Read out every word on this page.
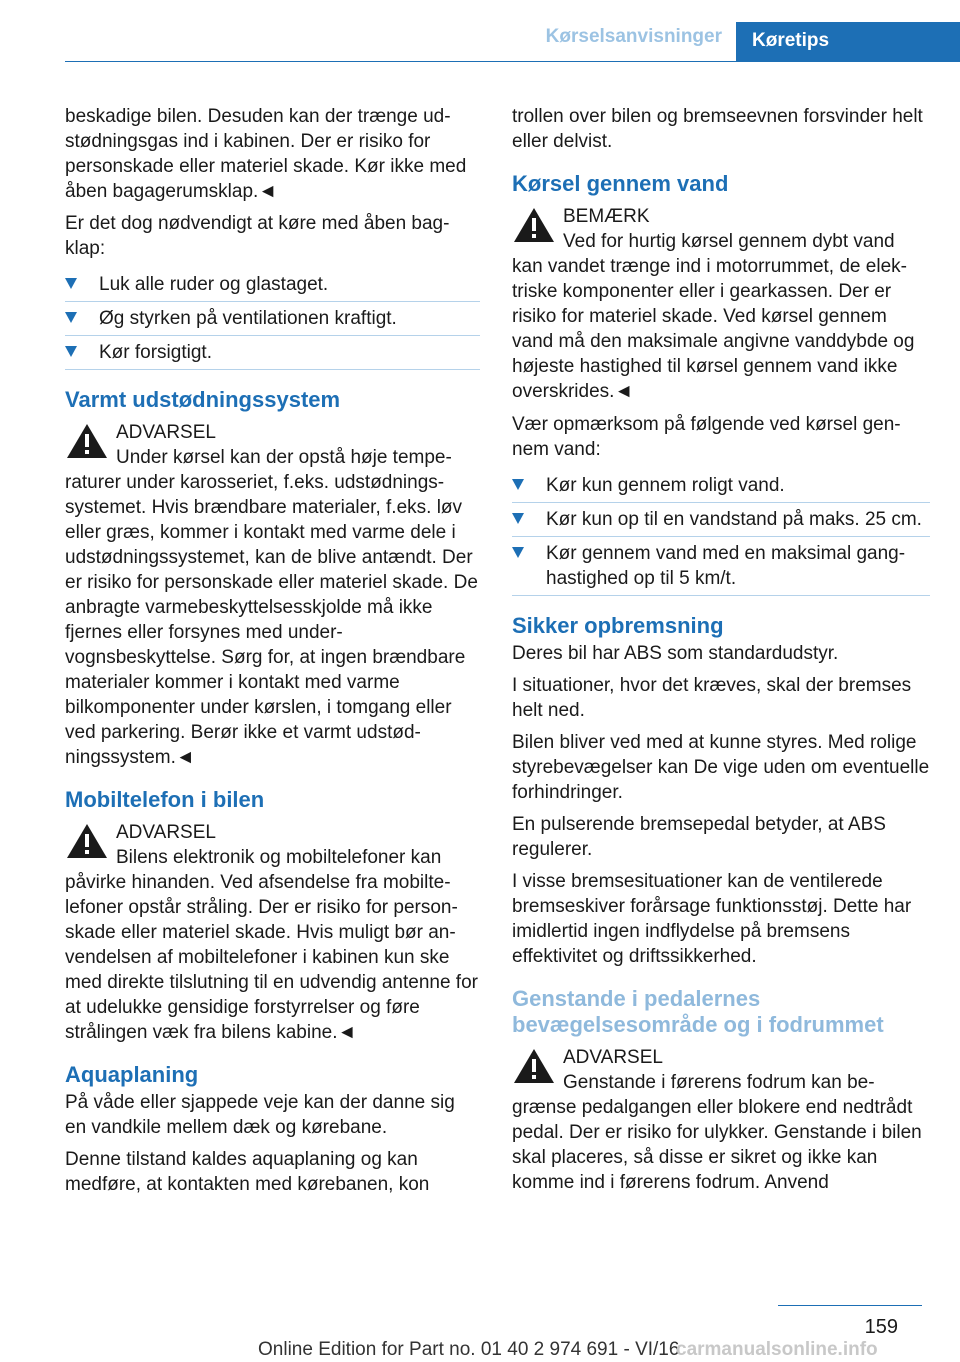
Kørselsanvisninger	Køretips

beskadige bilen. Desuden kan der trænge udstødningsgas ind i kabinen. Der er risiko for personskade eller materiel skade. Kør ikke med åben bagagerumsklap.◄

Er det dog nødvendigt at køre med åben bagklap:

Luk alle ruder og glastaget.
Øg styrken på ventilationen kraftigt.
Kør forsigtigt.
Varmt udstødningssystem
ADVARSEL
Under kørsel kan der opstå høje temperaturer under karosseriet, f.eks. udstødningssystemet. Hvis brændbare materialer, f.eks. løv eller græs, kommer i kontakt med varme dele i udstødningssystemet, kan de blive antændt. Der er risiko for personskade eller materiel skade. De anbragte varmebeskyttelsesskjolde må ikke fjernes eller forsynes med undervognsbeskyttelse. Sørg for, at ingen brændbare materialer kommer i kontakt med varme bilkomponenter under kørslen, i tomgang eller ved parkering. Berør ikke et varmt udstødningssystem.◄
Mobiltelefon i bilen
ADVARSEL
Bilens elektronik og mobiltelefoner kan påvirke hinanden. Ved afsendelse fra mobiltelefoner opstår stråling. Der er risiko for personskade eller materiel skade. Hvis muligt bør anvendelsen af mobiltelefoner i kabinen kun ske med direkte tilslutning til en udvendig antenne for at udelukke gensidige forstyrrelser og føre strålingen væk fra bilens kabine.◄
Aquaplaning

På våde eller sjappede veje kan der danne sig en vandkile mellem dæk og kørebane.

Denne tilstand kaldes aquaplaning og kan medføre, at kontakten med kørebanen, kon

trollen over bilen og bremseevnen forsvinder helt eller delvist.

Kørsel gennem vand
BEMÆRK
Ved for hurtig kørsel gennem dybt vand kan vandet trænge ind i motorrummet, de elektriske komponenter eller i gearkassen. Der er risiko for materiel skade. Ved kørsel gennem vand må den maksimale angivne vanddybde og højeste hastighed til kørsel gennem vand ikke overskrides.◄

Vær opmærksom på følgende ved kørsel gennem vand:

Kør kun gennem roligt vand.
Kør kun op til en vandstand på maks. 25 cm.
Kør gennem vand med en maksimal ganghastighed op til 5 km/t.
Sikker opbremsning

Deres bil har ABS som standardudstyr.

I situationer, hvor det kræves, skal der bremses helt ned.

Bilen bliver ved med at kunne styres. Med rolige styrebevægelser kan De vige uden om eventuelle forhindringer.

En pulserende bremsepedal betyder, at ABS regulerer.

I visse bremsesituationer kan de ventilerede bremseskiver forårsage funktionsstøj. Dette har imidlertid ingen indflydelse på bremsens effektivitet og driftssikkerhed.

Genstande i pedalernes bevægelsesområde og i fodrummet
ADVARSEL
Genstande i førerens fodrum kan begrænse pedalgangen eller blokere end nedtrådt pedal. Der er risiko for ulykker. Genstande i bilen skal placeres, så disse er sikret og ikke kan komme ind i førerens fodrum. Anvend
159
Online Edition for Part no. 01 40 2 974 691 - VI/16
carmanualsonline.info
